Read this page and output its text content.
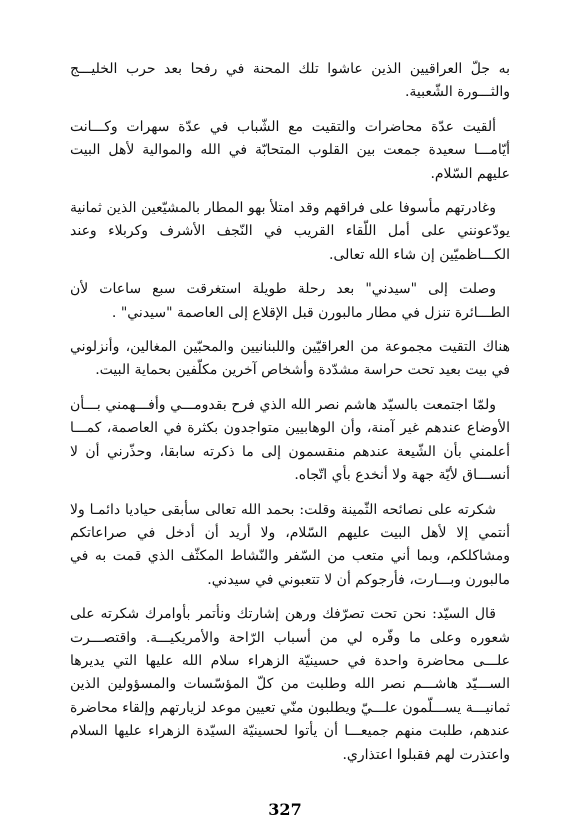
به جلّ العراقيين الذين عاشوا تلك المحنة في رفحا بعد حرب الخليـــج والثـــورة الشّعبية.

ألقيت عدّة محاضرات والتقيت مع الشّباب في عدّة سهرات وكـــانت أيّامـــا سعيدة جمعت بين القلوب المتحابّة في الله والموالية لأهل البيت عليهم السّلام.

وغادرتهم مأسوفا على فراقهم وقد امتلأ بهو المطار بالمشيّعين الذين ثمانية يودّعونني على أمل اللّقاء القريب في النّجف الأشرف وكربلاء وعند الكـــاظميّين إن شاء الله تعالى.

وصلت إلى "سيدني" بعد رحلة طويلة استغرقت سبع ساعات لأن الطـــائرة تنزل في مطار مالبورن قبل الإقلاع إلى العاصمة "سيدني" .

هناك التقيت مجموعة من العراقيّين واللبنانيين والمحبّين المغالين، وأنزلوني في بيت بعيد تحت حراسة مشدّدة وأشخاص آخرين مكلّفين بحماية البيت.

ولمّا اجتمعت بالسيّد هاشم نصر الله الذي فرح بقدومـــي وأفـــهمني بـــأن الأوضاع عندهم غير آمنة، وأن الوهابيين متواجدون بكثرة في العاصمة، كمـــا أعلمني بأن الشّيعة عندهم منقسمون إلى ما ذكرته سابقا، وحذّرني أن لا أنســـاق لأيّة جهة ولا أنخدع بأي اتّجاه.

شكرته على نصائحه الثّمينة وقلت: بحمد الله تعالى سأبقى حياديا دائمـا ولا أنتمي إلا لأهل البيت عليهم السّلام، ولا أريد أن أدخل في صراعاتكم ومشاكلكم، وبما أني متعب من السّفر والنّشاط المكثّف الذي قمت به في مالبورن وبـــارت، فأرجوكم أن لا تتعبوني في سيدني.

قال السيّد: نحن تحت تصرّفك ورهن إشارتك ونأتمر بأوامرك شكرته على شعوره وعلى ما وفّره لي من أسباب الرّاحة والأمريكيـــة. واقتصـــرت علـــى محاضرة واحدة في حسينيّة الزهراء سلام الله عليها التي يديرها الســـيّد هاشـــم نصر الله وطلبت من كلّ المؤسّسات والمسؤولين الذين ثمانيـــة يســـلّمون علـــيّ ويطلبون منّي تعيين موعد لزيارتهم وإلقاء محاضرة عندهم، طلبت منهم جميعـــا أن يأتوا لحسينيّة السيّدة الزهراء عليها السلام واعتذرت لهم فقبلوا اعتذاري.

327
